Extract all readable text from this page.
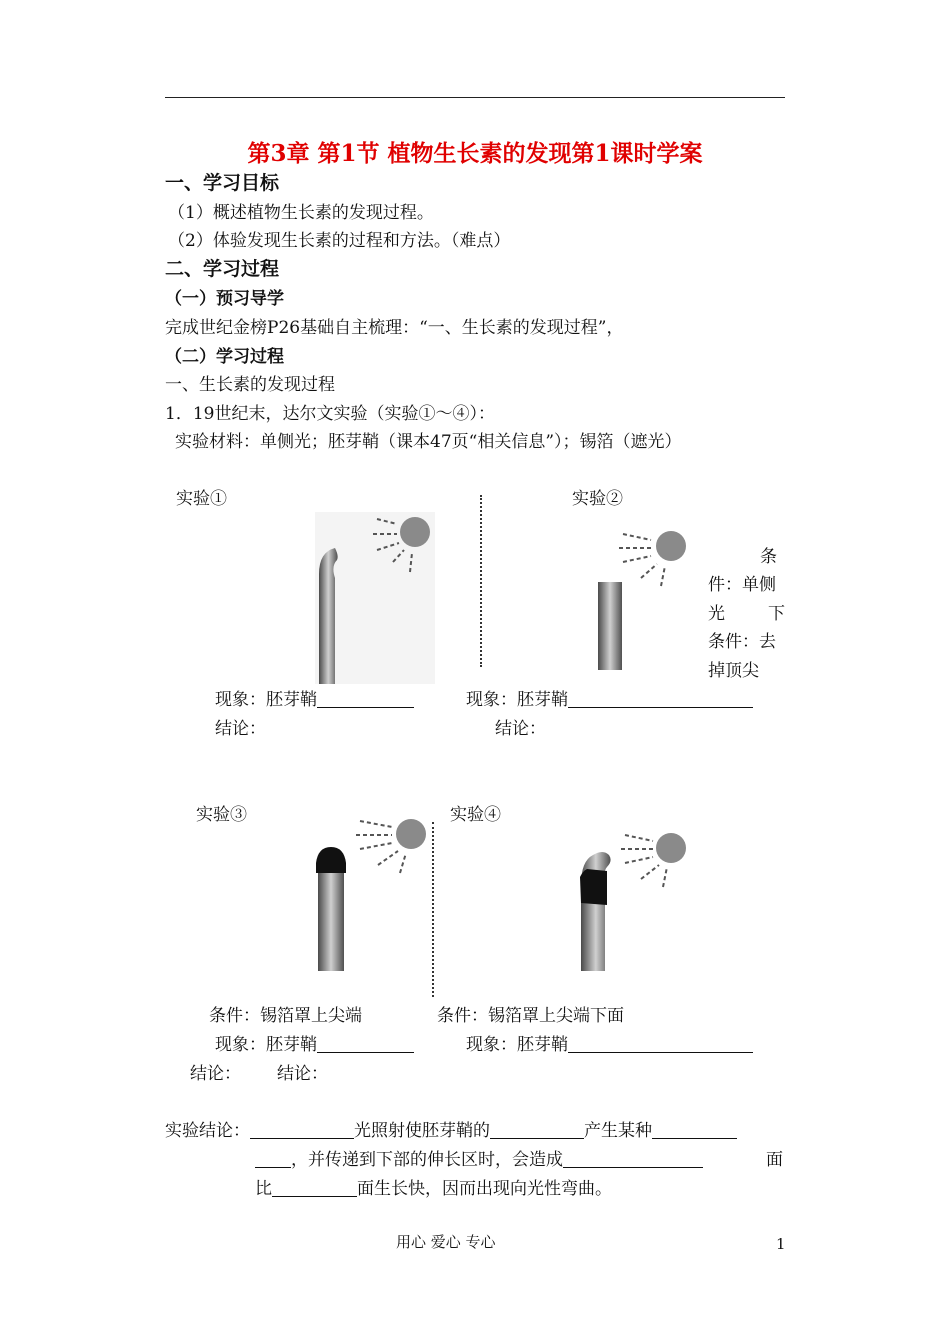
第3章 第1节 植物生长素的发现第1课时学案
一、学习目标
（1）概述植物生长素的发现过程。
（2）体验发现生长素的过程和方法。（难点）
二、学习过程
（一）预习导学
完成世纪金榜P26基础自主梳理：“一、生长素的发现过程”，
（二）学习过程
一、生长素的发现过程
1．19世纪末，达尔文实验（实验①～④）：
实验材料：单侧光；胚芽鞘（课本47页“相关信息”）；锡箔（遮光）
实验①
现象：胚芽鞘
结论：
实验②
条
件：单侧
光	下
条件：去
掉顶尖
现象：胚芽鞘
结论：
实验③	实验④
条件：锡箔罩上尖端	条件：锡箔罩上尖端下面
现象：胚芽鞘	现象：胚芽鞘
结论： 结论：
实验结论：	光照射使胚芽鞘的	产生某种
，并传递到下部的伸长区时，会造成	面
比	面生长快，因而出现向光性弯曲。
用心 爱心 专心	1
